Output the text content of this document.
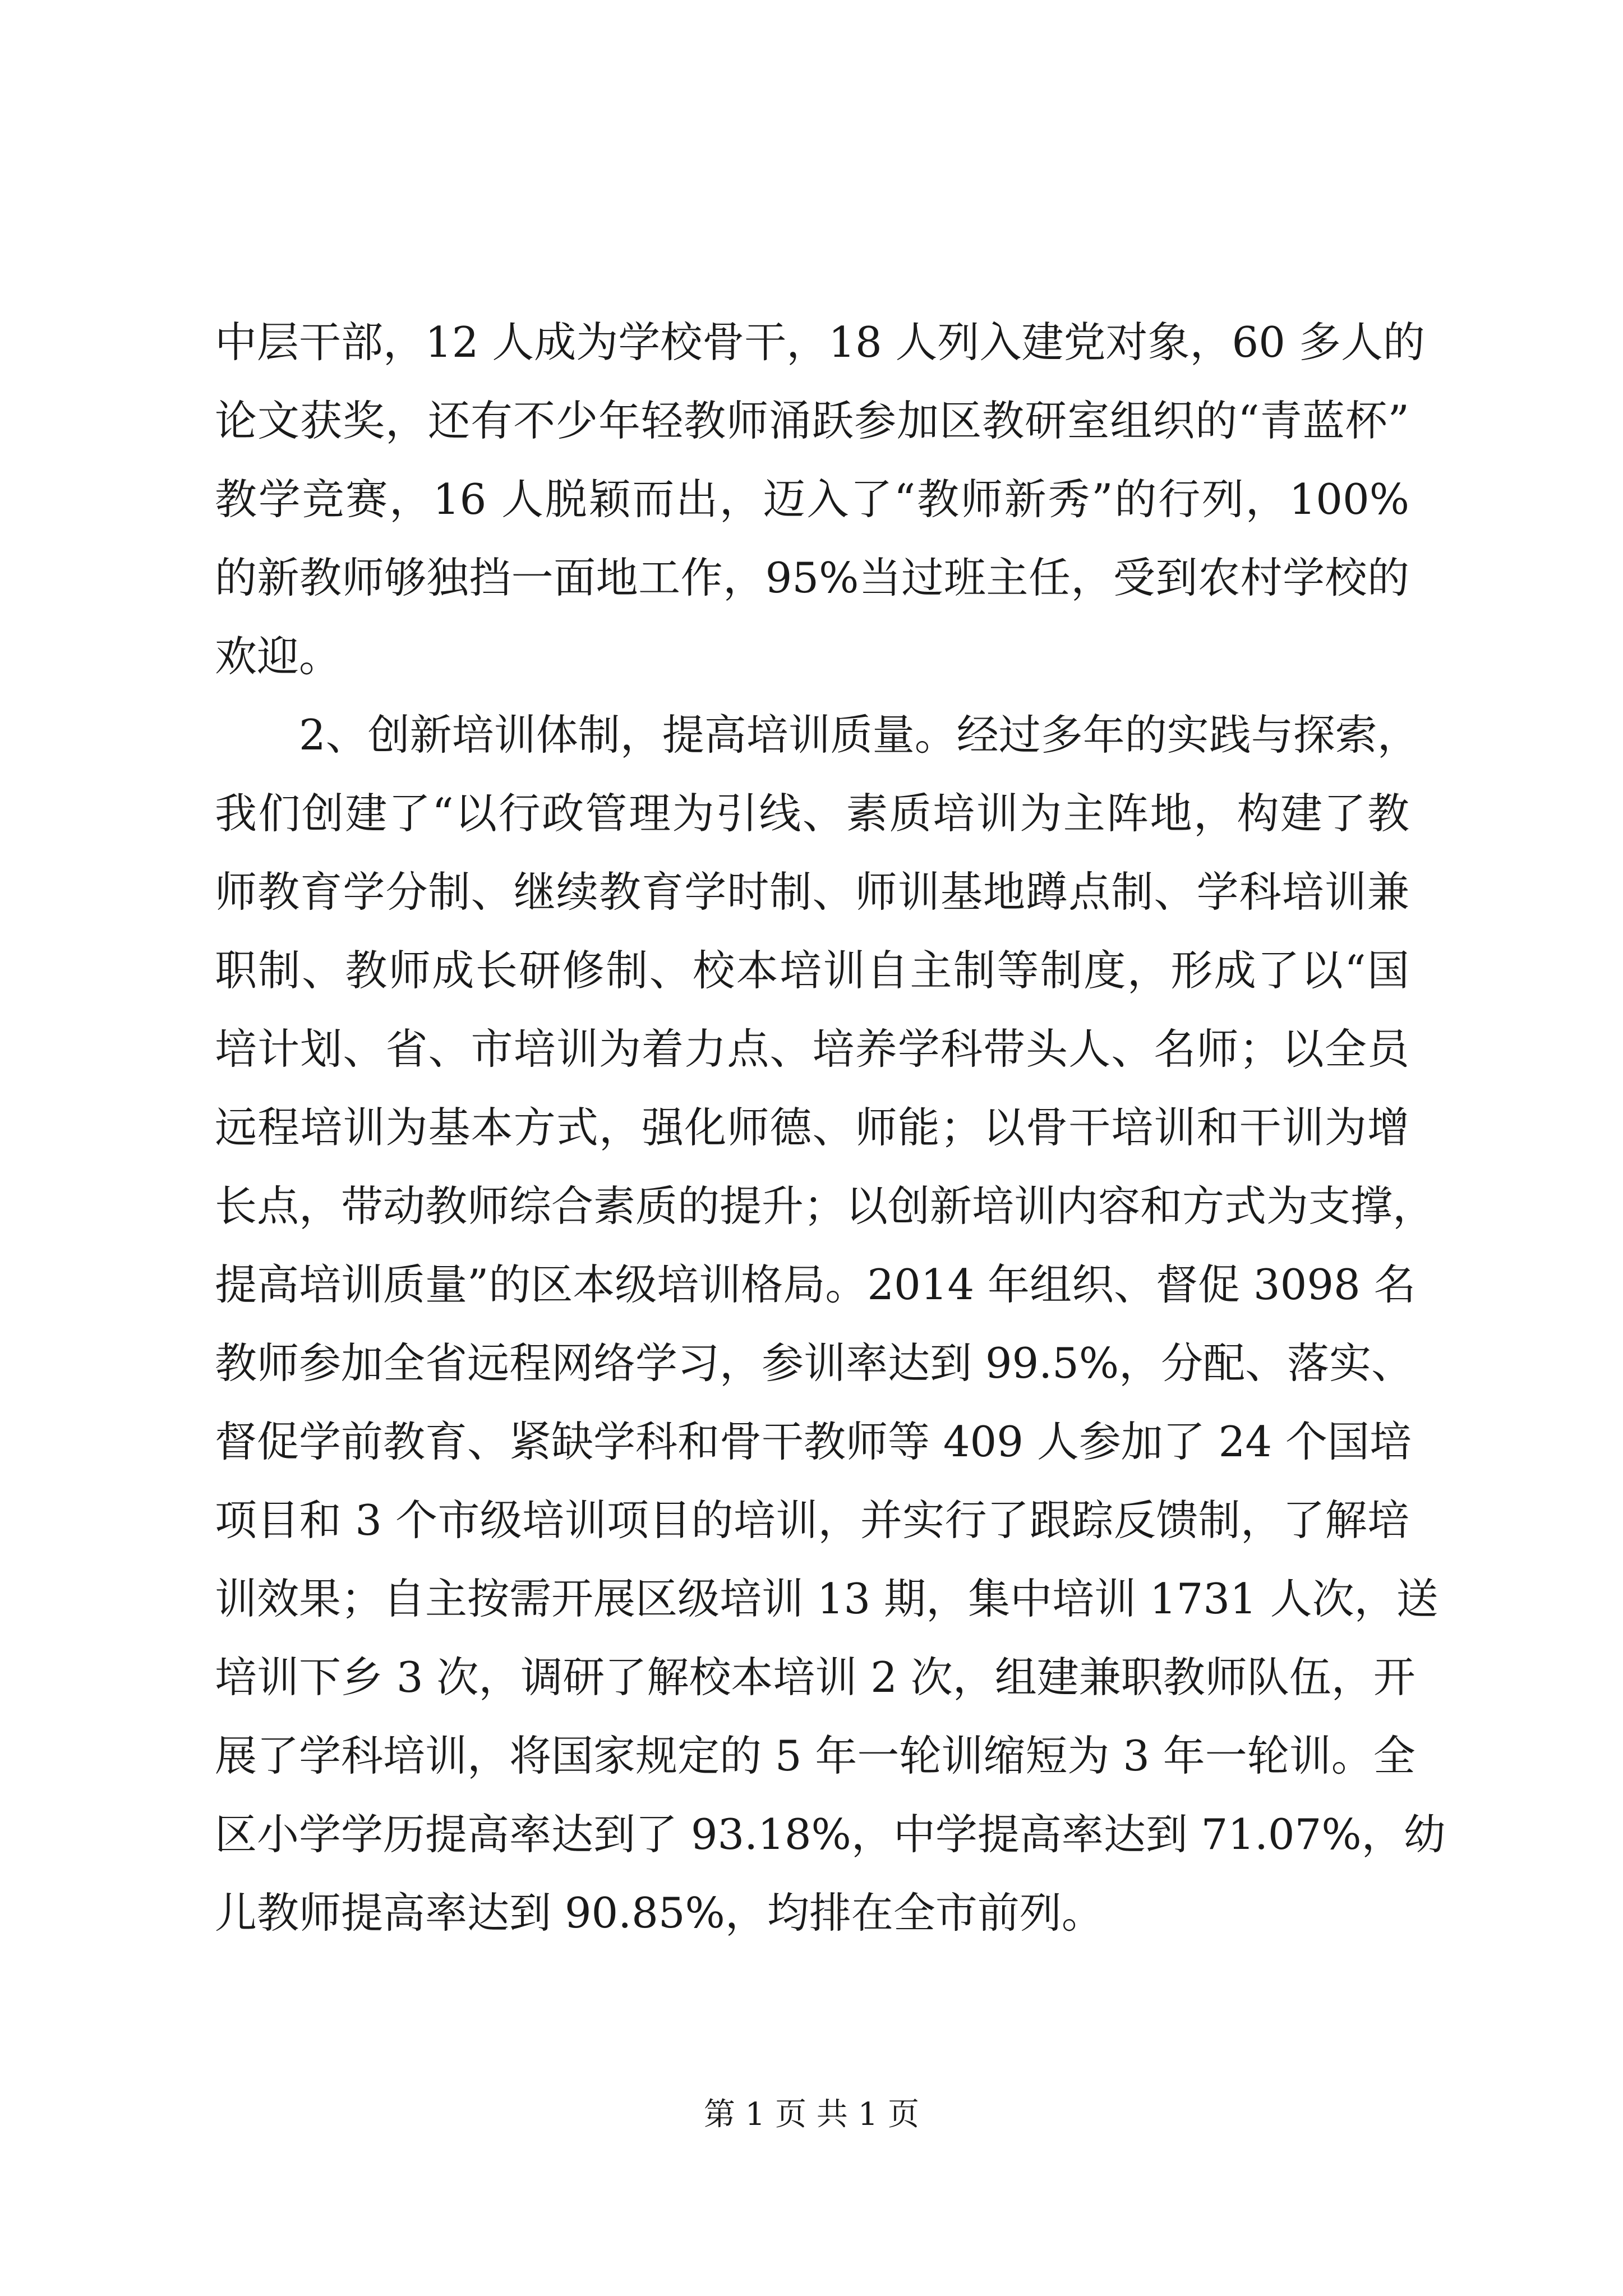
中层干部，12 人成为学校骨干，18 人列入建党对象，60 多人的
论文获奖，还有不少年轻教师涌跃参加区教研室组织的“青蓝杯”
教学竞赛，16 人脱颖而出，迈入了“教师新秀”的行列，100%
的新教师够独挡一面地工作，95%当过班主任，受到农村学校的
欢迎。
2、创新培训体制，提高培训质量。经过多年的实践与探索，
我们创建了“以行政管理为引线、素质培训为主阵地，构建了教
师教育学分制、继续教育学时制、师训基地蹲点制、学科培训兼
职制、教师成长研修制、校本培训自主制等制度，形成了以“国
培计划、省、市培训为着力点、培养学科带头人、名师；以全员
远程培训为基本方式，强化师德、师能；以骨干培训和干训为增
长点，带动教师综合素质的提升；以创新培训内容和方式为支撑，
提高培训质量”的区本级培训格局。2014 年组织、督促 3098 名
教师参加全省远程网络学习，参训率达到 99.5%，分配、落实、
督促学前教育、紧缺学科和骨干教师等 409 人参加了 24 个国培
项目和 3 个市级培训项目的培训，并实行了跟踪反馈制，了解培
训效果；自主按需开展区级培训 13 期，集中培训 1731 人次，送
培训下乡 3 次，调研了解校本培训 2 次，组建兼职教师队伍，开
展了学科培训，将国家规定的 5 年一轮训缩短为 3 年一轮训。全
区小学学历提高率达到了 93.18%，中学提高率达到 71.07%，幼
儿教师提高率达到 90.85%，均排在全市前列。
第 1 页 共 1 页
